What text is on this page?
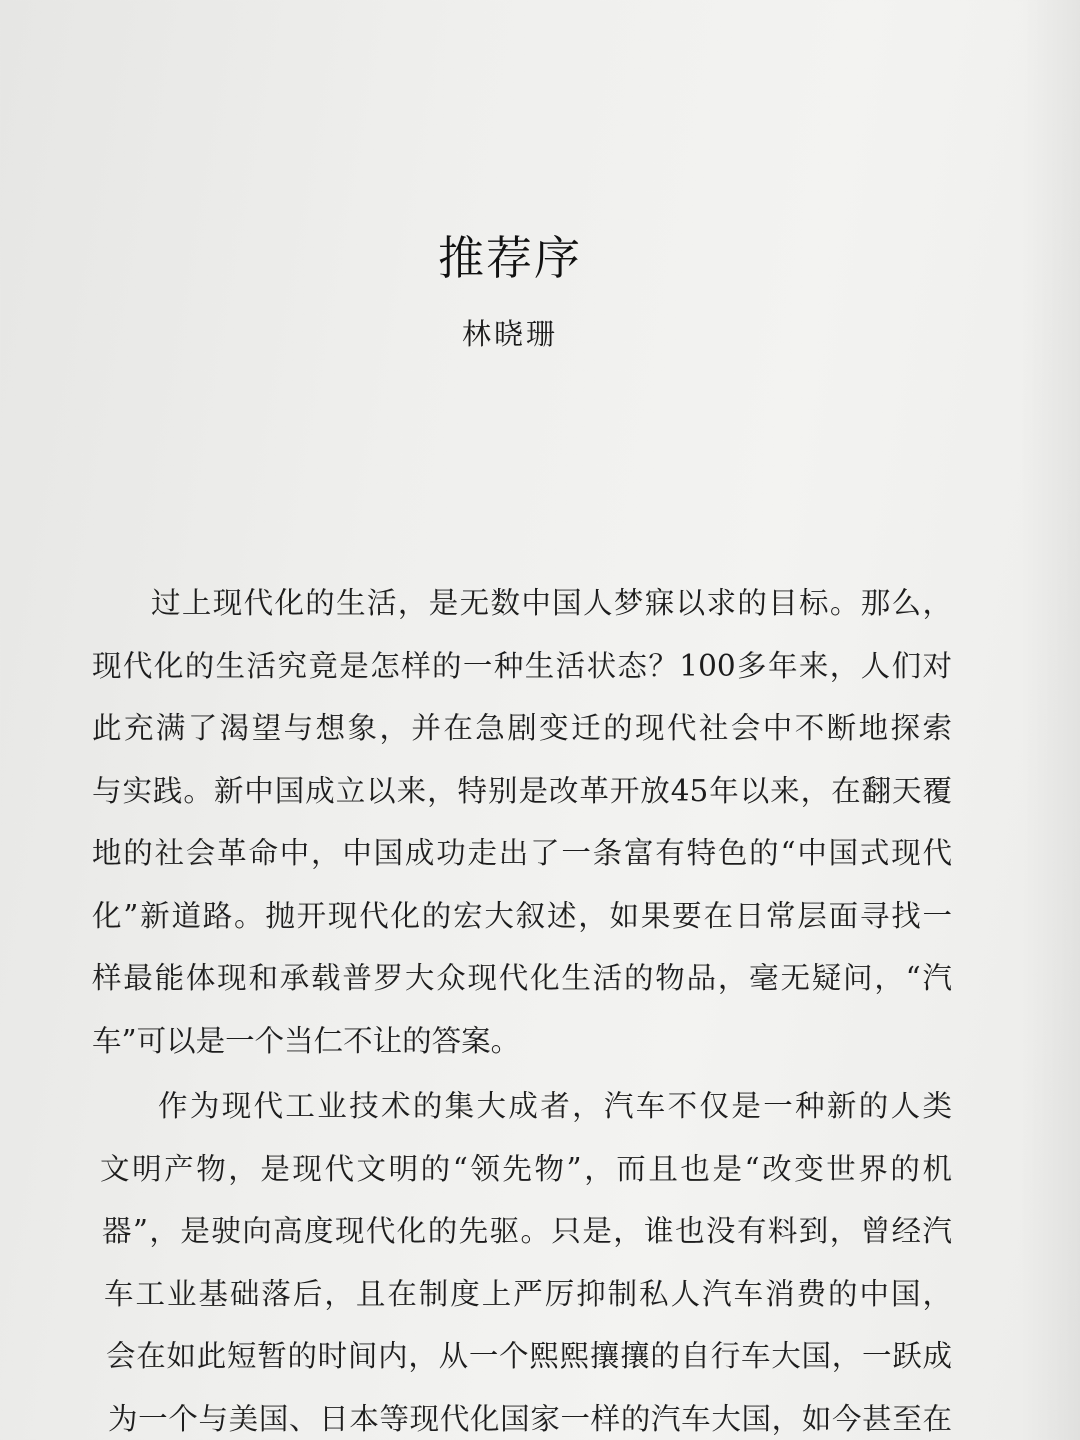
推荐序
林晓珊
过上现代化的生活，是无数中国人梦寐以求的目标。那么，
现代化的生活究竟是怎样的一种生活状态？100多年来，人们对
此充满了渴望与想象，并在急剧变迁的现代社会中不断地探索
与实践。新中国成立以来，特别是改革开放45年以来，在翻天覆
地的社会革命中，中国成功走出了一条富有特色的“中国式现代
化”新道路。抛开现代化的宏大叙述，如果要在日常层面寻找一
样最能体现和承载普罗大众现代化生活的物品，毫无疑问，“汽
车”可以是一个当仁不让的答案。
作为现代工业技术的集大成者，汽车不仅是一种新的人类
文明产物，是现代文明的“领先物”，而且也是“改变世界的机
器”，是驶向高度现代化的先驱。只是，谁也没有料到，曾经汽
车工业基础落后，且在制度上严厉抑制私人汽车消费的中国，
会在如此短暂的时间内，从一个熙熙攘攘的自行车大国，一跃成
为一个与美国、日本等现代化国家一样的汽车大国，如今甚至在
